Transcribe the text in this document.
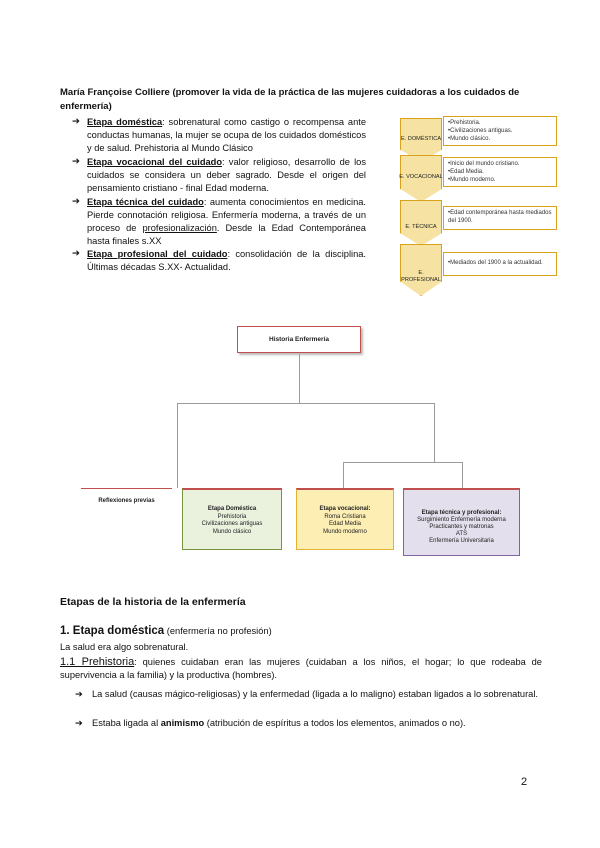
María Françoise Colliere (promover la vida de la práctica de las mujeres cuidadoras a los cuidados de enfermería)
➔ Etapa doméstica: sobrenatural como castigo o recompensa ante conductas humanas, la mujer se ocupa de los cuidados domésticos y de salud. Prehistoria al Mundo Clásico
➔ Etapa vocacional del cuidado: valor religioso, desarrollo de los cuidados se considera un deber sagrado. Desde el origen del pensamiento cristiano - final Edad moderna.
➔ Etapa técnica del cuidado: aumenta conocimientos en medicina. Pierde connotación religiosa. Enfermería moderna, a través de un proceso de profesionalización. Desde la Edad Contemporánea hasta finales s.XX
➔ Etapa profesional del cuidado: consolidación de la disciplina. Últimas décadas S.XX- Actualidad.
E. DOMÉSTICA
•Prehistoria.
•Civilizaciones antiguas.
•Mundo clásico.
E. VOCACIONAL
•Inicio del mundo cristiano.
•Edad Media.
•Mundo moderno.
E. TÉCNICA
•Edad contemporánea hasta mediados del 1900.
E. PROFESIONAL
•Mediados del 1900 a la actualidad.
Historia Enfermería
Reflexiones previas
Etapa Doméstica
Prehistoria
Civilizaciones antiguas
Mundo clásico
Etapa vocacional:
Roma Cristiana
Edad Media
Mundo moderno
Etapa técnica y profesional:
Surgimiento Enfermería moderna
Practicantes y matronas
ATS
Enfermería Universitaria
Etapas de la historia de la enfermería
1. Etapa doméstica (enfermería no profesión)
La salud era algo sobrenatural.
1.1 Prehistoria: quienes cuidaban eran las mujeres (cuidaban a los niños, el hogar; lo que rodeaba de supervivencia a la familia) y la productiva (hombres).
➔ La salud (causas mágico-religiosas) y la enfermedad (ligada a lo maligno) estaban ligados a lo sobrenatural.
➔ Estaba ligada al animismo (atribución de espíritus a todos los elementos, animados o no).
2
